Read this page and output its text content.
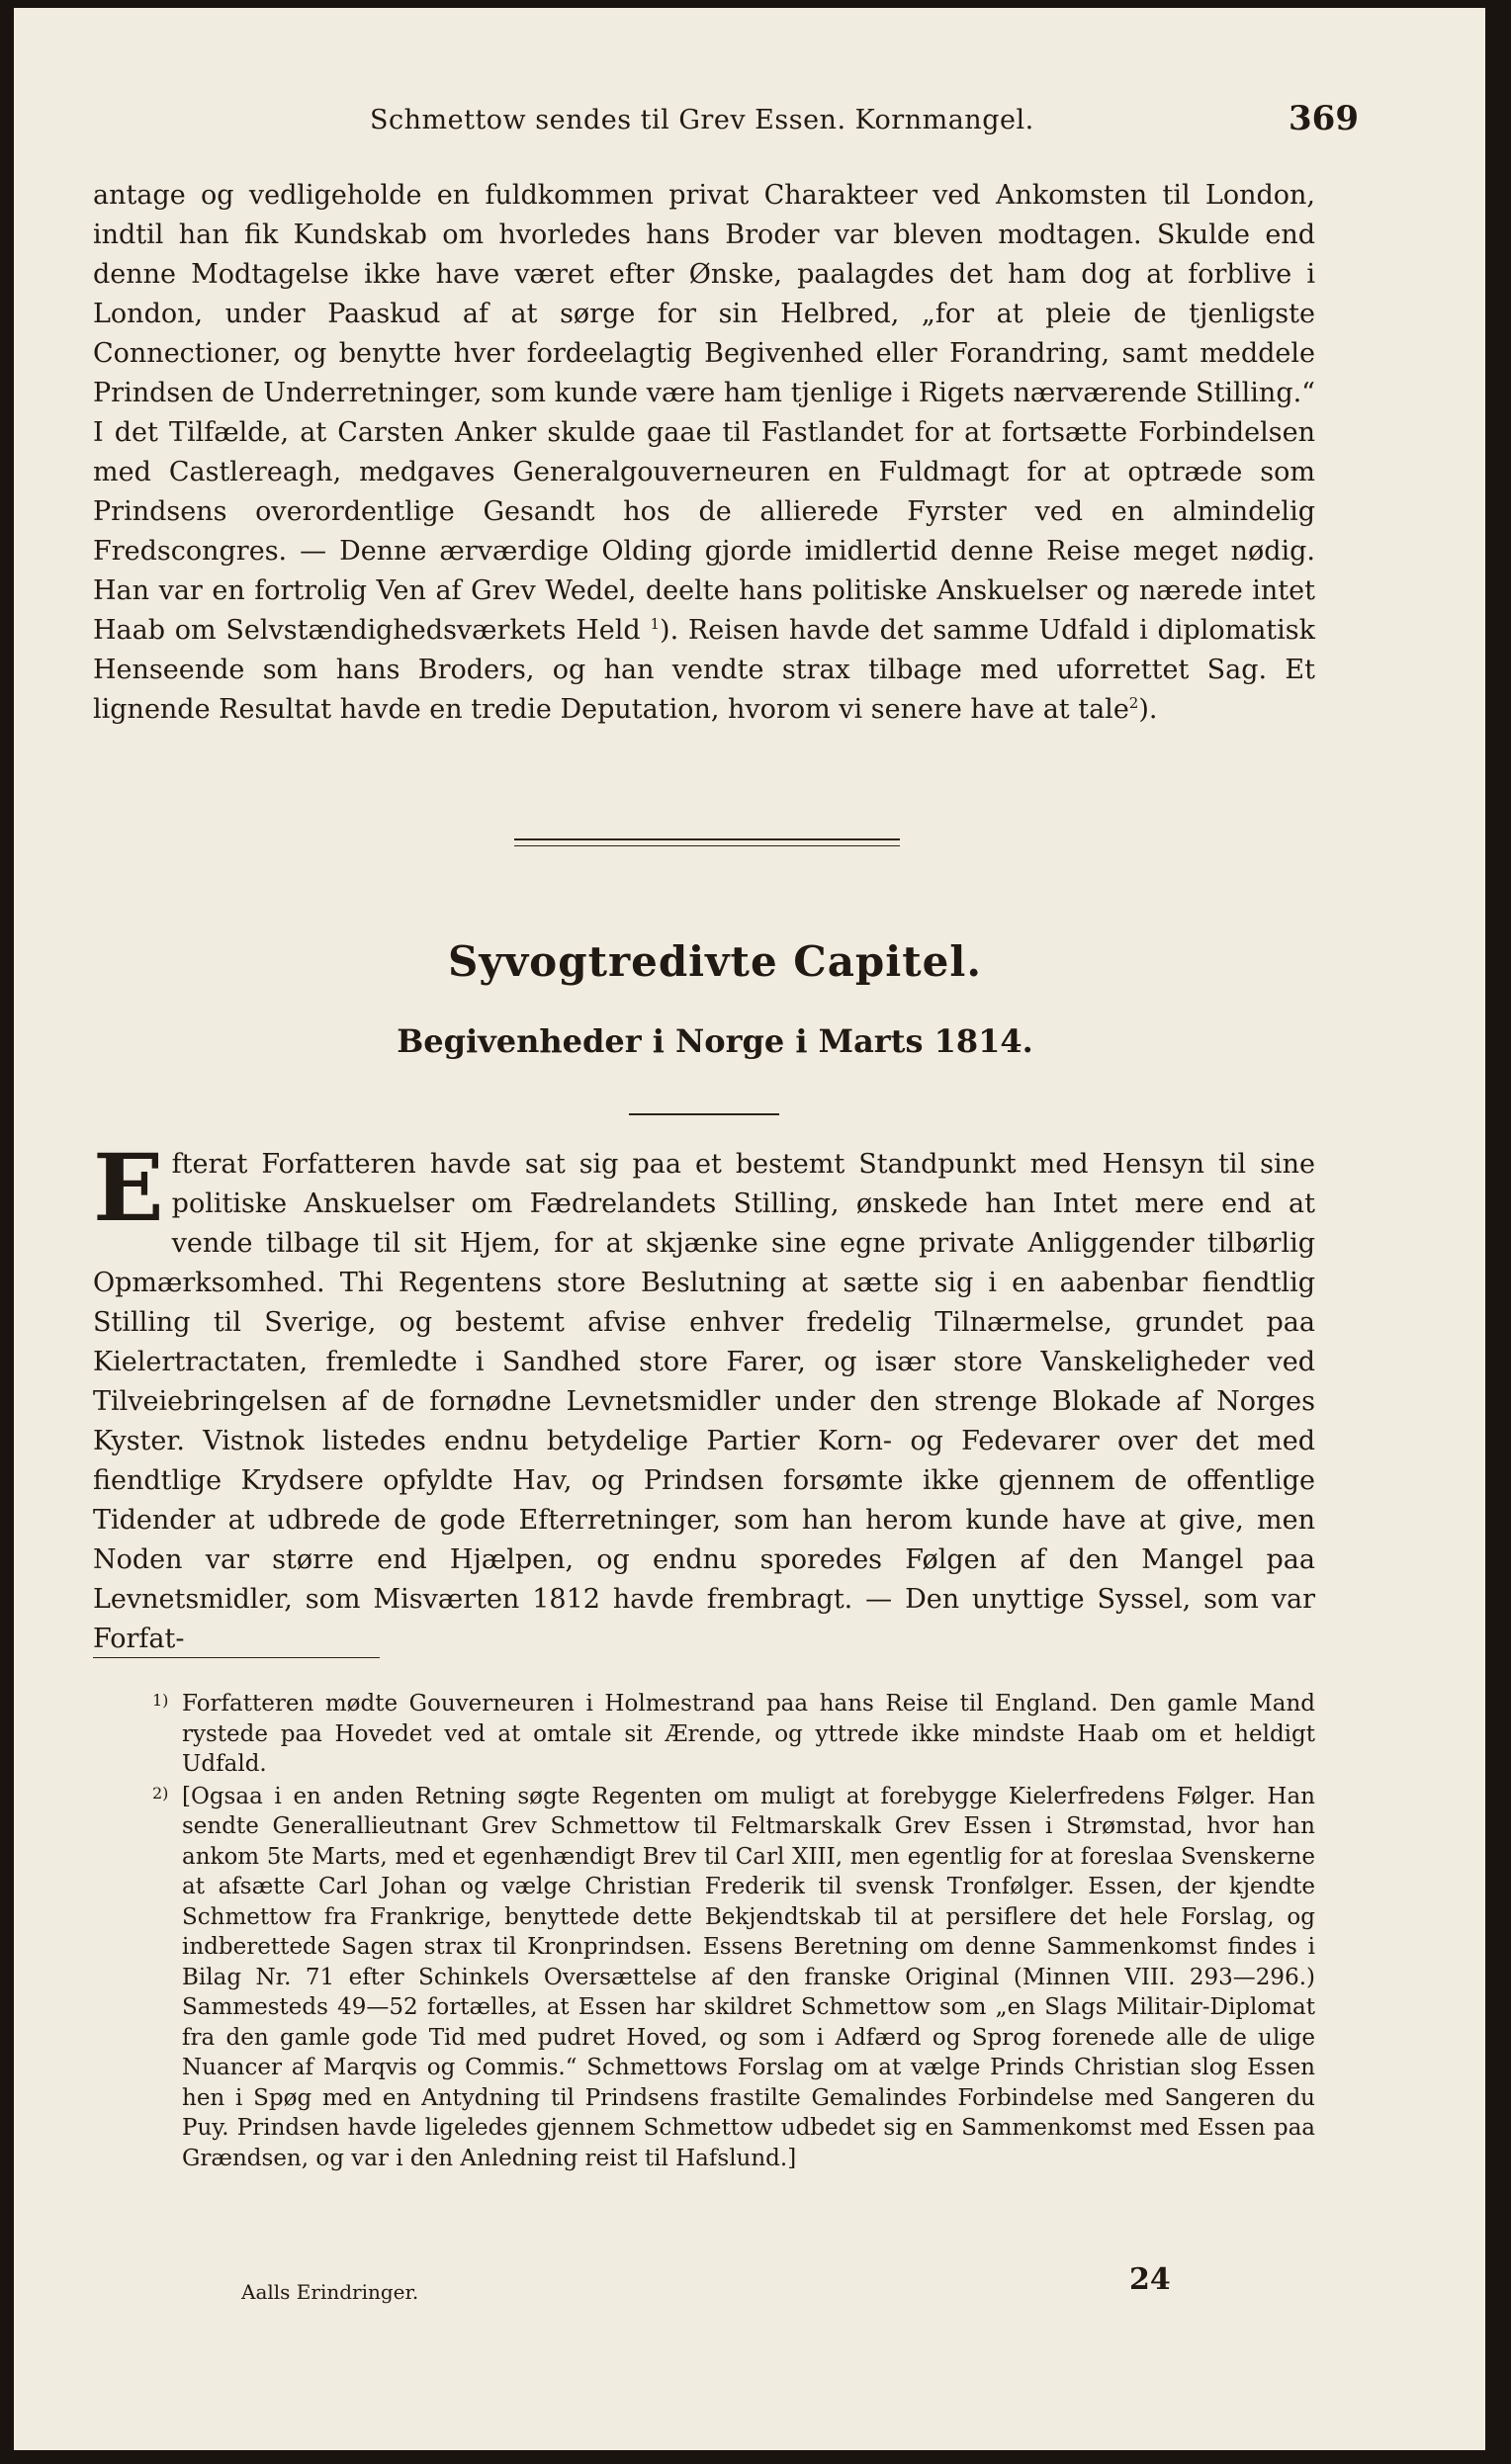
Schmettow sendes til Grev Essen. Kornmangel.	369

antage og vedligeholde en fuldkommen privat Charakteer ved Ankomsten til London, indtil han fik Kundskab om hvorledes hans Broder var bleven modtagen. Skulde end denne Modtagelse ikke have været efter Ønske, paalagdes det ham dog at forblive i London, under Paaskud af at sørge for sin Helbred, „for at pleie de tjenligste Connectioner, og benytte hver fordeelagtig Begivenhed eller Forandring, samt meddele Prindsen de Underretninger, som kunde være ham tjenlige i Rigets nærværende Stilling.“ I det Tilfælde, at Carsten Anker skulde gaae til Fastlandet for at fortsætte Forbindelsen med Castlereagh, medgaves Generalgouverneuren en Fuldmagt for at optræde som Prindsens overordentlige Gesandt hos de allierede Fyrster ved en almindelig Fredscongres. — Denne ærværdige Olding gjorde imidlertid denne Reise meget nødig. Han var en fortrolig Ven af Grev Wedel, deelte hans politiske Anskuelser og nærede intet Haab om Selvstændighedsværkets Held $^1$). Reisen havde det samme Udfald i diplomatisk Henseende som hans Broders, og han vendte strax tilbage med uforrettet Sag. Et lignende Resultat havde en tredie Deputation, hvorom vi senere have at tale$^2$).

Syvogtredivte Capitel.
Begivenheder i Norge i Marts 1814.
Efterat Forfatteren havde sat sig paa et bestemt Standpunkt med Hensyn til sine politiske Anskuelser om Fædrelandets Stilling, ønskede han Intet mere end at vende tilbage til sit Hjem, for at skjænke sine egne private Anliggender tilbørlig Opmærksomhed. Thi Regentens store Beslutning at sætte sig i en aabenbar fiendtlig Stilling til Sverige, og bestemt afvise enhver fredelig Tilnærmelse, grundet paa Kielertractaten, fremledte i Sandhed store Farer, og især store Vanskeligheder ved Tilveiebringelsen af de fornødne Levnetsmidler under den strenge Blokade af Norges Kyster. Vistnok listedes endnu betydelige Partier Korn- og Fedevarer over det med fiendtlige Krydsere opfyldte Hav, og Prindsen forsømte ikke gjennem de offentlige Tidender at udbrede de gode Efterretninger, som han herom kunde have at give, men Noden var større end Hjælpen, og endnu sporedes Følgen af den Mangel paa Levnetsmidler, som Misværten 1812 havde frembragt. — Den unyttige Syssel, som var Forfat-
1) Forfatteren mødte Gouverneuren i Holmestrand paa hans Reise til England. Den gamle Mand rystede paa Hovedet ved at omtale sit Ærende, og yttrede ikke mindste Haab om et heldigt Udfald.
2) [Ogsaa i en anden Retning søgte Regenten om muligt at forebygge Kielerfredens Følger. Han sendte Generallieutnant Grev Schmettow til Feltmarskalk Grev Essen i Strømstad, hvor han ankom 5te Marts, med et egenhændigt Brev til Carl XIII, men egentlig for at foreslaa Svenskerne at afsætte Carl Johan og vælge Christian Frederik til svensk Tronfølger. Essen, der kjendte Schmettow fra Frankrige, benyttede dette Bekjendtskab til at persiflere det hele Forslag, og indberettede Sagen strax til Kronprindsen. Essens Beretning om denne Sammenkomst findes i Bilag Nr. 71 efter Schinkels Oversættelse af den franske Original (Minnen VIII. 293—296.) Sammesteds 49—52 fortælles, at Essen har skildret Schmettow som „en Slags Militair-Diplomat fra den gamle gode Tid med pudret Hoved, og som i Adfærd og Sprog forenede alle de ulige Nuancer af Marqvis og Commis.“ Schmettows Forslag om at vælge Prinds Christian slog Essen hen i Spøg med en Antydning til Prindsens frastilte Gemalindes Forbindelse med Sangeren du Puy. Prindsen havde ligeledes gjennem Schmettow udbedet sig en Sammenkomst med Essen paa Grændsen, og var i den Anledning reist til Hafslund.]
Aalls Erindringer.	24
